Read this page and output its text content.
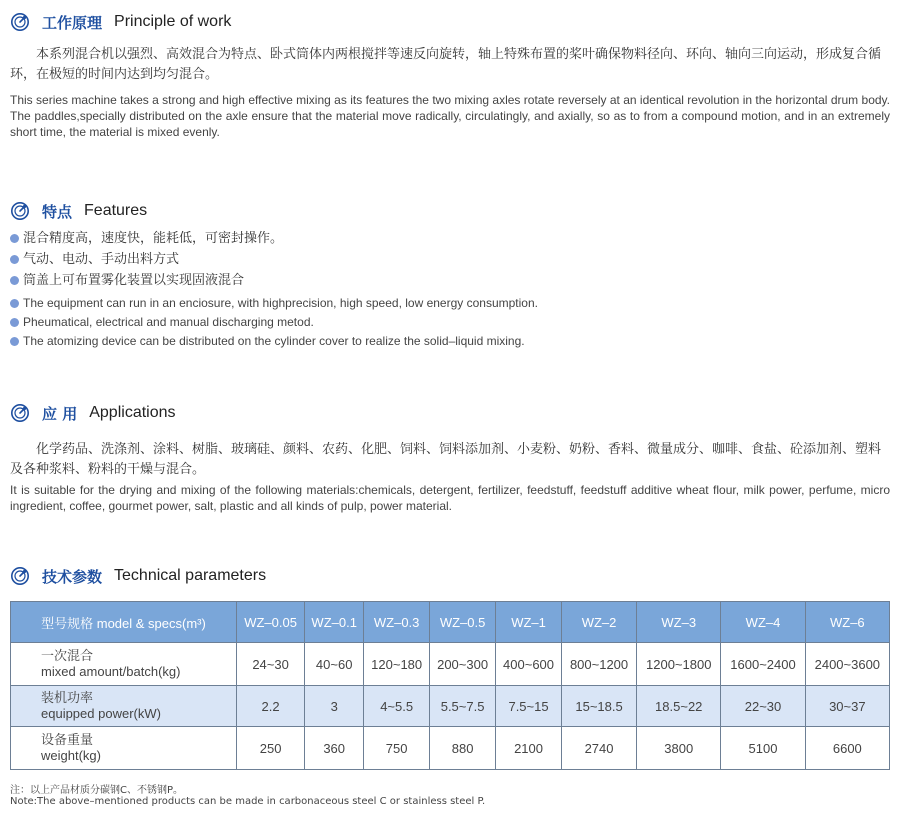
工作原理 Principle of work

本系列混合机以强烈、高效混合为特点、卧式筒体内两根搅拌等速反向旋转，轴上特殊布置的桨叶确保物料径向、环向、轴向三向运动，形成复合循环，在极短的时间内达到均匀混合。

This series machine takes a strong and high effective mixing as its features the two mixing axles rotate reversely at an identical revolution in the horizontal drum body. The paddles,specially distributed on the axle ensure that the material move radically, circulatingly, and axially, so as to from a compound motion, and in an extremely short time, the material is mixed evenly.

特点 Features
混合精度高，速度快，能耗低，可密封操作。
气动、电动、手动出料方式
筒盖上可布置雾化装置以实现固液混合
The equipment can run in an enciosure, with highprecision, high speed, low energy consumption.
Pheumatical, electrical and manual discharging metod.
The atomizing device can be distributed on the cylinder cover to realize the solid–liquid mixing.
应 用 Applications

化学药品、洗涤剂、涂料、树脂、玻璃硅、颜料、农药、化肥、饲料、饲料添加剂、小麦粉、奶粉、香料、微量成分、咖啡、食盐、砼添加剂、塑料及各种浆料、粉料的干燥与混合。

It is suitable for the drying and mixing of the following materials:chemicals, detergent, fertilizer, feedstuff, feedstuff additive wheat flour, milk power, perfume, micro ingredient, coffee, gourmet power, salt, plastic and all kinds of pulp, power material.

技术参数 Technical parameters
型号规格 model & specs(m³)	WZ–0.05	WZ–0.1	WZ–0.3	WZ–0.5	WZ–1	WZ–2	WZ–3	WZ–4	WZ–6

一次混合
mixed amount/batch(kg)	24~30	40~60	120~180	200~300	400~600	800~1200	1200~1800	1600~2400	2400~3600

装机功率
equipped power(kW)	2.2	3	4~5.5	5.5~7.5	7.5~15	15~18.5	18.5~22	22~30	30~37

设备重量
weight(kg)	250	360	750	880	2100	2740	3800	5100	6600
注：以上产品材质分碳钢C、不锈钢P。
Note:The above–mentioned products can be made in carbonaceous steel C or stainless steel P.
